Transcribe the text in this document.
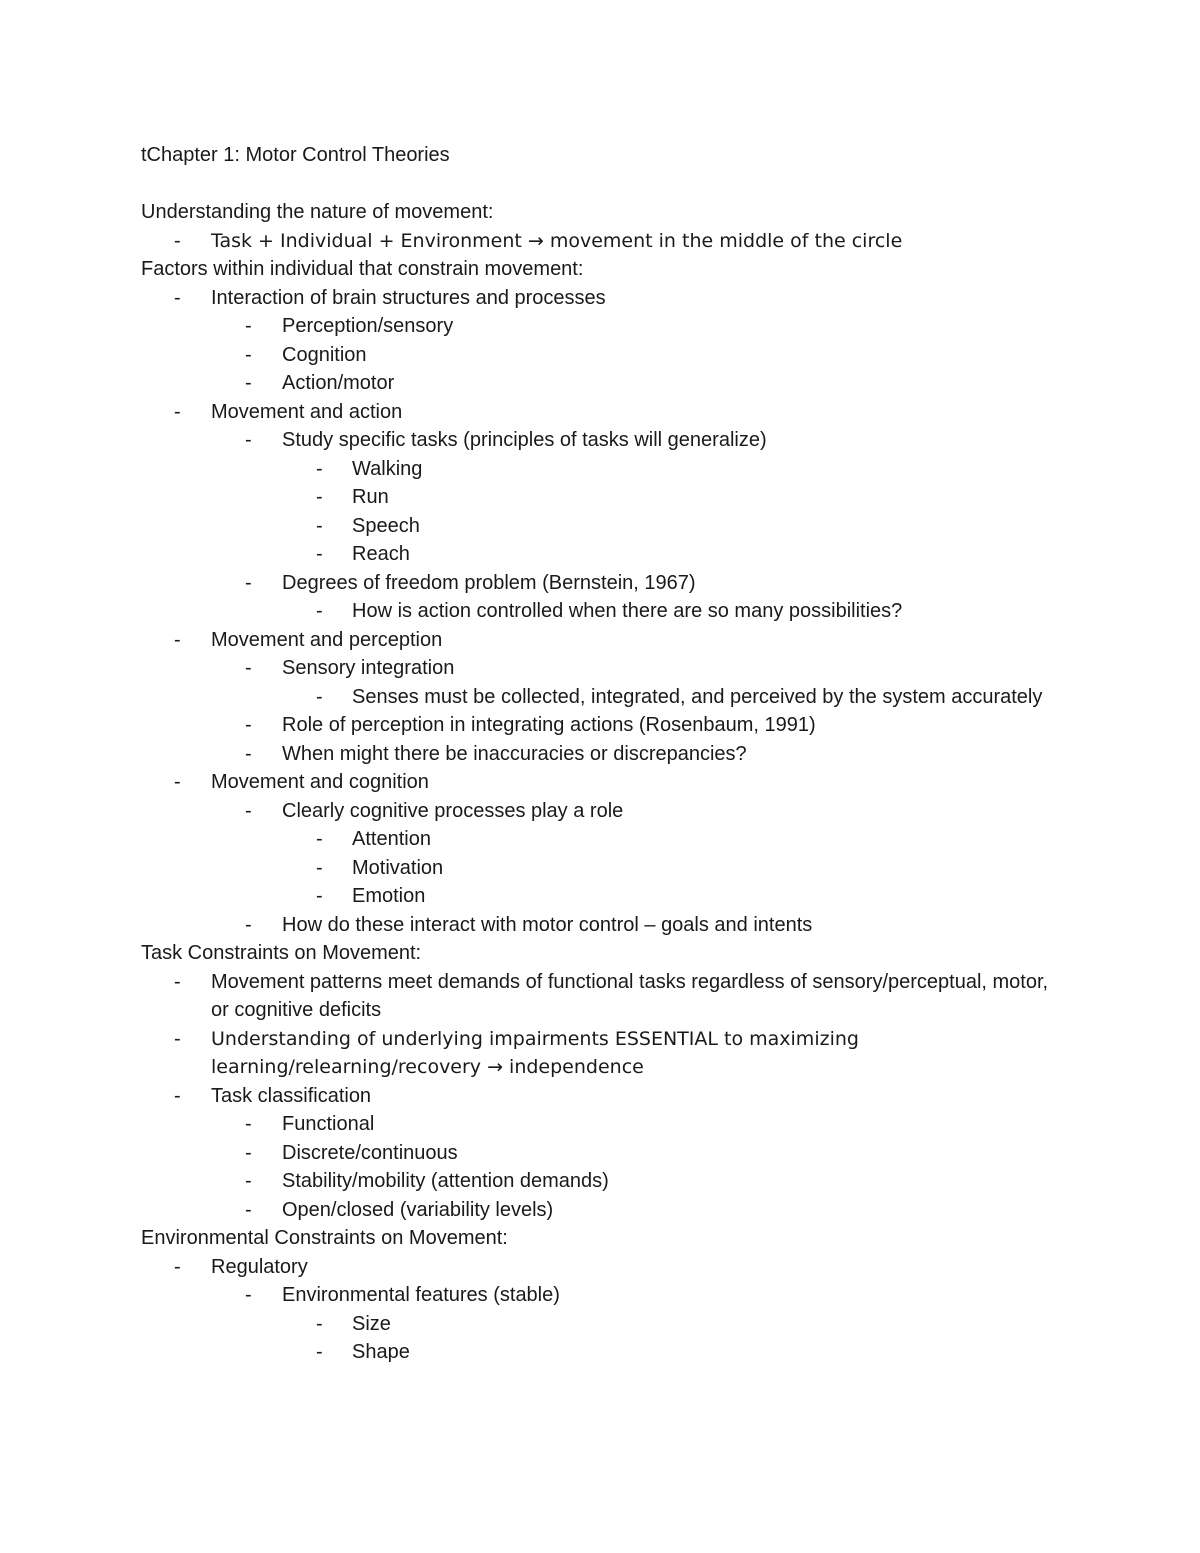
tChapter 1: Motor Control Theories
Understanding the nature of movement:
- Task + Individual + Environment → movement in the middle of the circle
Factors within individual that constrain movement:
- Interaction of brain structures and processes
- Perception/sensory
- Cognition
- Action/motor
- Movement and action
- Study specific tasks (principles of tasks will generalize)
- Walking
- Run
- Speech
- Reach
- Degrees of freedom problem (Bernstein, 1967)
- How is action controlled when there are so many possibilities?
- Movement and perception
- Sensory integration
- Senses must be collected, integrated, and perceived by the system accurately
- Role of perception in integrating actions (Rosenbaum, 1991)
- When might there be inaccuracies or discrepancies?
- Movement and cognition
- Clearly cognitive processes play a role
- Attention
- Motivation
- Emotion
- How do these interact with motor control – goals and intents
Task Constraints on Movement:
- Movement patterns meet demands of functional tasks regardless of sensory/perceptual, motor, or cognitive deficits
- Understanding of underlying impairments ESSENTIAL to maximizing learning/relearning/recovery → independence
- Task classification
- Functional
- Discrete/continuous
- Stability/mobility (attention demands)
- Open/closed (variability levels)
Environmental Constraints on Movement:
- Regulatory
- Environmental features (stable)
- Size
- Shape
